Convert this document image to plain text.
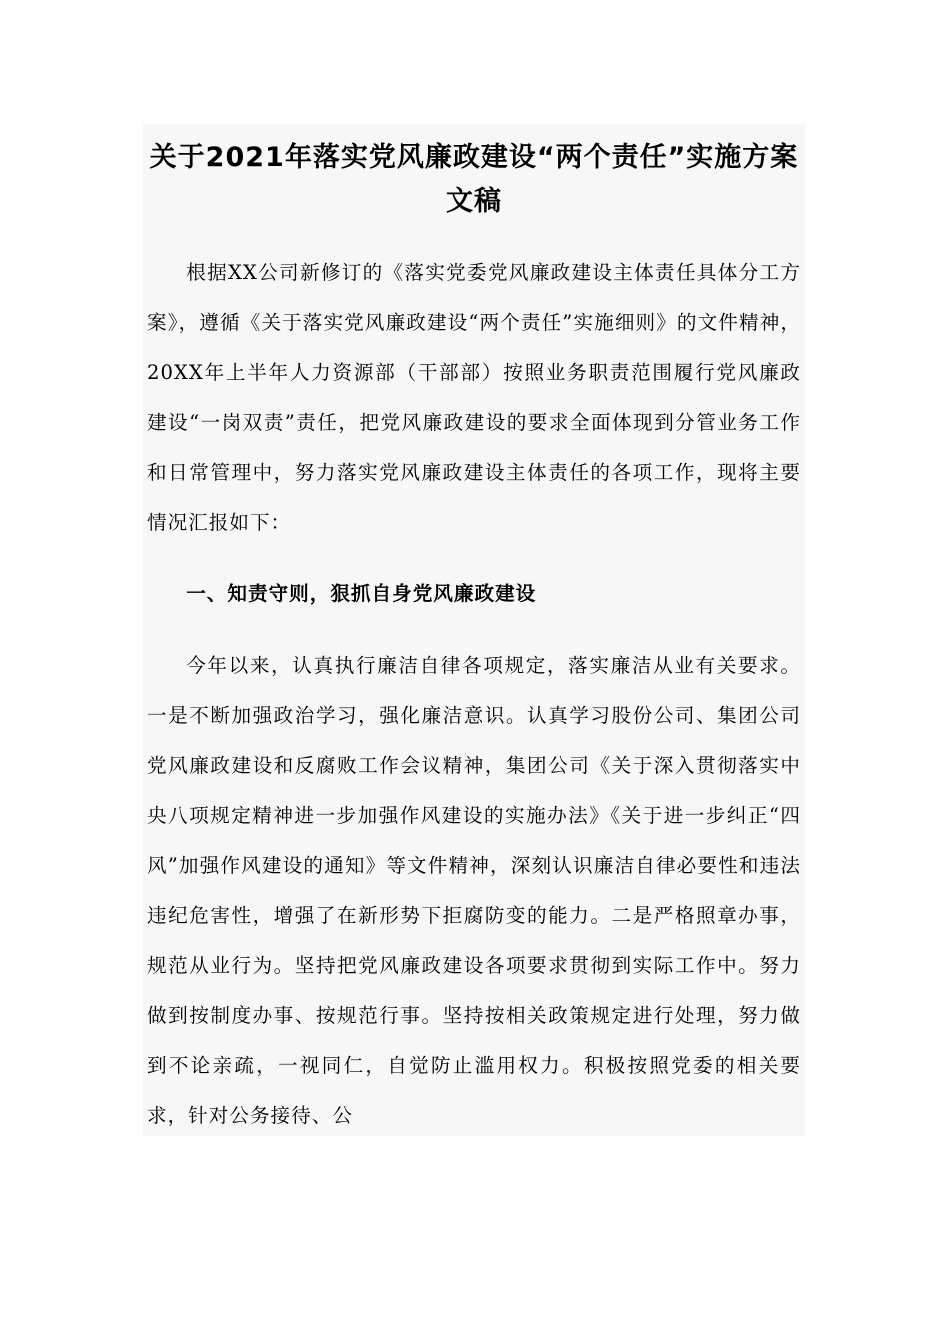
关于2021年落实党风廉政建设“两个责任”实施方案文稿

根据XX公司新修订的《落实党委党风廉政建设主体责任具体分工方案》，遵循《关于落实党风廉政建设“两个责任”实施细则》的文件精神，20XX年上半年人力资源部（干部部）按照业务职责范围履行党风廉政建设“一岗双责”责任，把党风廉政建设的要求全面体现到分管业务工作和日常管理中，努力落实党风廉政建设主体责任的各项工作，现将主要情况汇报如下：

一、知责守则，狠抓自身党风廉政建设

今年以来，认真执行廉洁自律各项规定，落实廉洁从业有关要求。一是不断加强政治学习，强化廉洁意识。认真学习股份公司、集团公司党风廉政建设和反腐败工作会议精神，集团公司《关于深入贯彻落实中央八项规定精神进一步加强作风建设的实施办法》《关于进一步纠正“四风”加强作风建设的通知》等文件精神，深刻认识廉洁自律必要性和违法违纪危害性，增强了在新形势下拒腐防变的能力。二是严格照章办事，规范从业行为。坚持把党风廉政建设各项要求贯彻到实际工作中。努力做到按制度办事、按规范行事。坚持按相关政策规定进行处理，努力做到不论亲疏，一视同仁，自觉防止滥用权力。积极按照党委的相关要求，针对公务接待、公
